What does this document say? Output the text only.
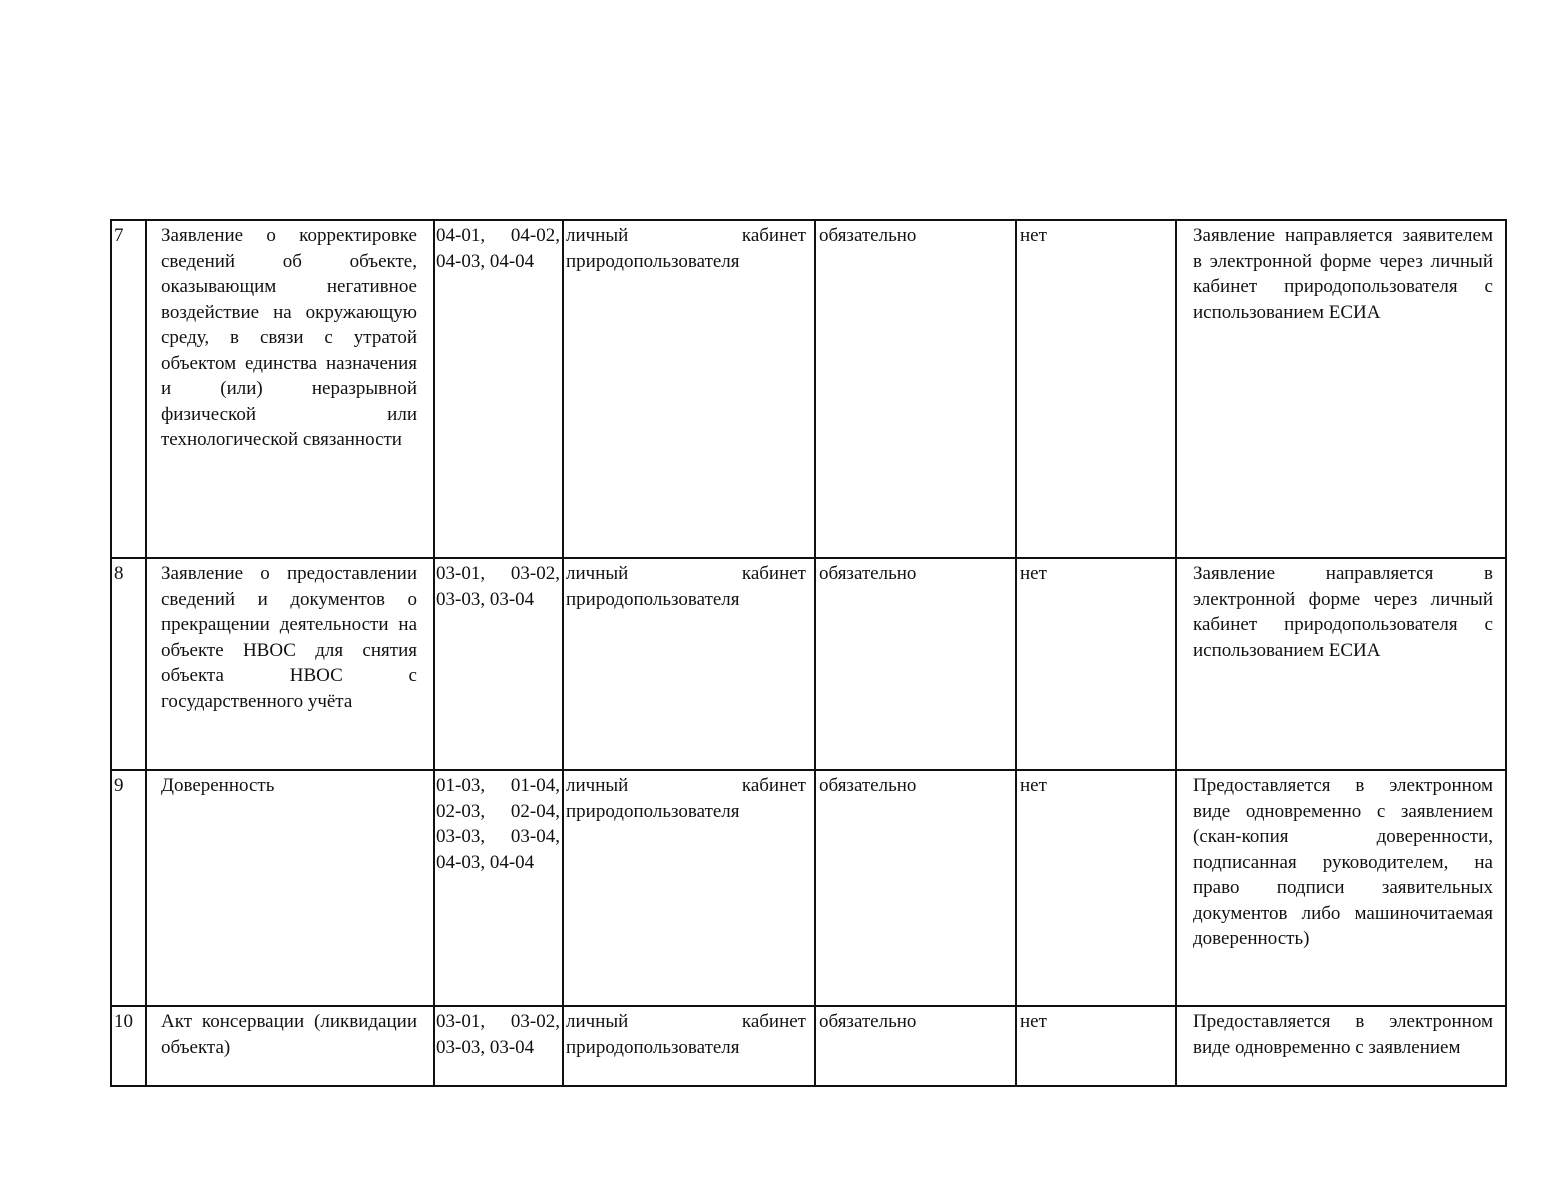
7	Заявление о корректировке сведений об объекте, оказывающим негативное воздействие на окружающую среду, в связи с утратой объектом единства назначения и (или) неразрывной физической или технологической связанности	04-01, 04-02, 04-03, 04-04	личный кабинет природопользователя	обязательно	нет	Заявление направляется заявителем в электронной форме через личный кабинет природопользователя с использованием ЕСИА
8	Заявление о предоставлении сведений и документов о прекращении деятельности на объекте НВОС для снятия объекта НВОС с государственного учёта	03-01, 03-02, 03-03, 03-04	личный кабинет природопользователя	обязательно	нет	Заявление направляется в электронной форме через личный кабинет природопользователя с использованием ЕСИА
9	Доверенность	01-03, 01-04, 02-03, 02-04, 03-03, 03-04, 04-03, 04-04	личный кабинет природопользователя	обязательно	нет	Предоставляется в электронном виде одновременно с заявлением (скан-копия доверенности, подписанная руководителем, на право подписи заявительных документов либо машиночитаемая доверенность)
10	Акт консервации (ликвидации объекта)	03-01, 03-02, 03-03, 03-04	личный кабинет природопользователя	обязательно	нет	Предоставляется в электронном виде одновременно с заявлением
